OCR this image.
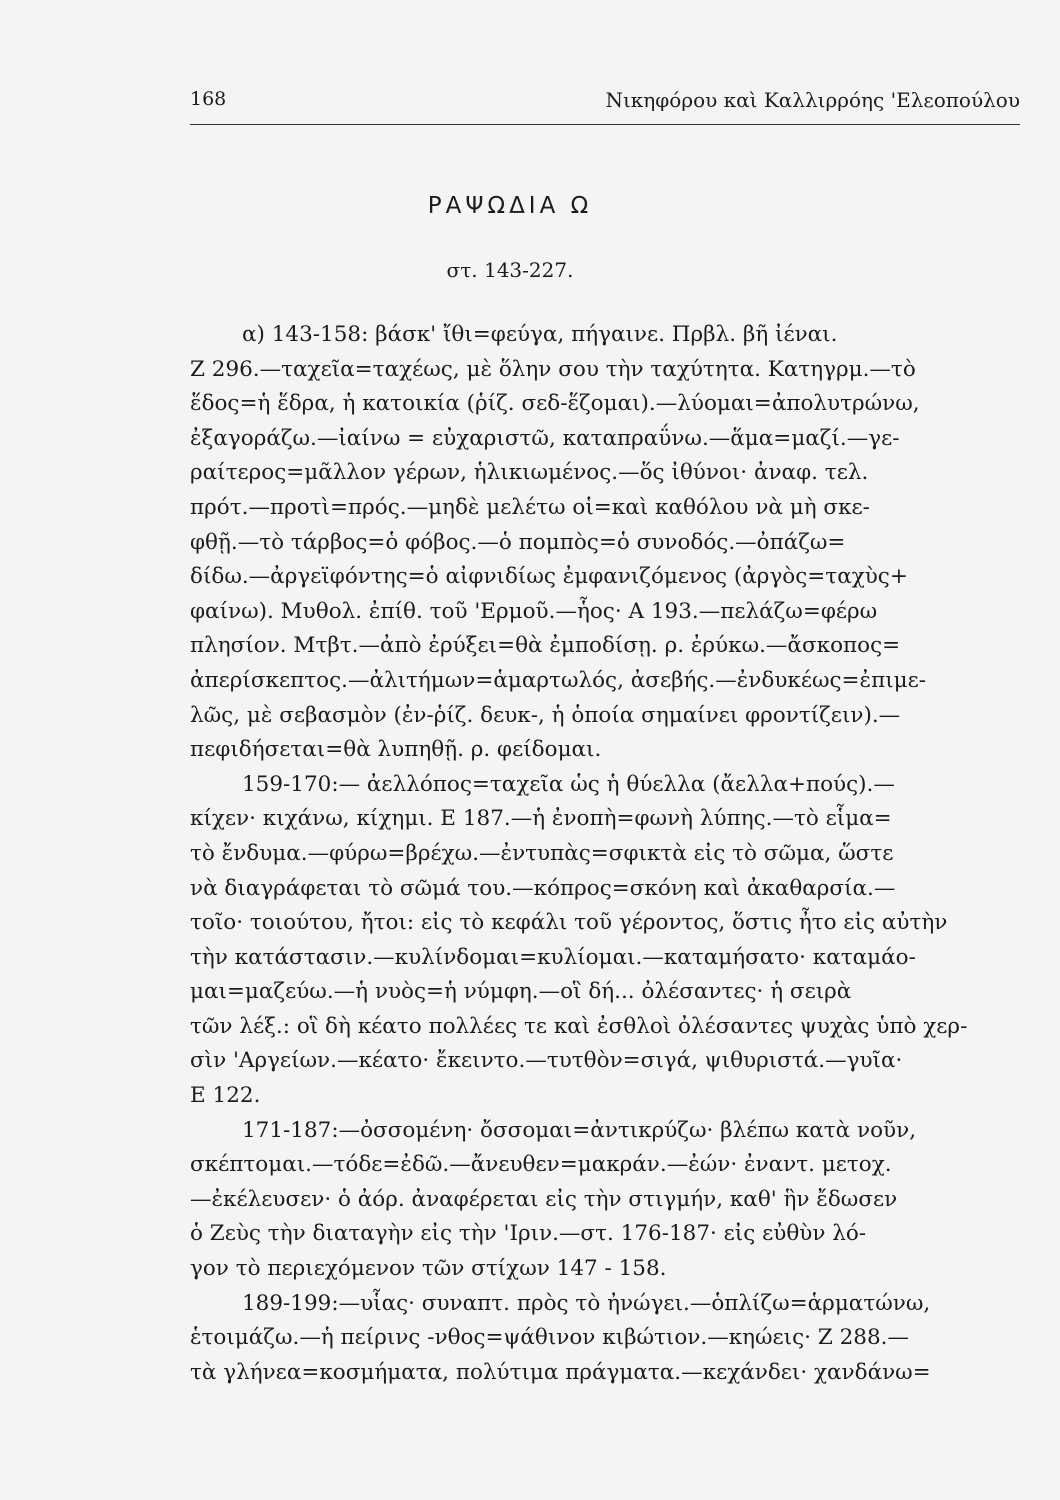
168	Νικηφόρου καὶ Καλλιρρόης 'Ελεοπούλου
ΡΑΨΩΔΙΑ Ω
στ. 143-227.
α) 143-158: βάσκ' ἴθι=φεύγα, πήγαινε. Πρβλ. βῆ ἰέναι.
Ζ 296.—ταχεῖα=ταχέως, μὲ ὅλην σου τὴν ταχύτητα. Κατηγρμ.—τὸ
ἕδος=ἡ ἕδρα, ἡ κατοικία (ῥίζ. σεδ-ἕζομαι).—λύομαι=ἀπολυτρώνω,
ἐξαγοράζω.—ἰαίνω = εὐχαριστῶ, καταπραΰνω.—ἅμα=μαζί.—γε-
ραίτερος=μᾶλλον γέρων, ἡλικιωμένος.—ὅς ἰθύνοι· ἀναφ. τελ.
πρότ.—προτὶ=πρός.—μηδὲ μελέτω οἱ=καὶ καθόλου νὰ μὴ σκε-
φθῇ.—τὸ τάρβος=ὁ φόβος.—ὁ πομπὸς=ὁ συνοδός.—ὀπάζω=
δίδω.—ἀργεϊφόντης=ὁ αἰφνιδίως ἐμφανιζόμενος (ἀργὸς=ταχὺς+
φαίνω). Μυθολ. ἐπίθ. τοῦ 'Ερμοῦ.—ἧος· Α 193.—πελάζω=φέρω
πλησίον. Μτβτ.—ἀπὸ ἐρύξει=θὰ ἐμποδίσῃ. ρ. ἐρύκω.—ἄσκοπος=
ἀπερίσκεπτος.—ἀλιτήμων=ἁμαρτωλός, ἀσεβής.—ἐνδυκέως=ἐπιμε-
λῶς, μὲ σεβασμὸν (ἐν-ῥίζ. δευκ-, ἡ ὁποία σημαίνει φροντίζειν).—
πεφιδήσεται=θὰ λυπηθῇ. ρ. φείδομαι.
159-170:— ἀελλόπος=ταχεῖα ὡς ἡ θύελλα (ἄελλα+πούς).—
κίχεν· κιχάνω, κίχημι. Ε 187.—ἡ ἐνοπὴ=φωνὴ λύπης.—τὸ εἷμα=
τὸ ἔνδυμα.—φύρω=βρέχω.—ἐντυπὰς=σφικτὰ εἰς τὸ σῶμα, ὥστε
νὰ διαγράφεται τὸ σῶμά του.—κόπρος=σκόνη καὶ ἀκαθαρσία.—
τοῖο· τοιούτου, ἤτοι: εἰς τὸ κεφάλι τοῦ γέροντος, ὅστις ἦτο εἰς αὐτὴν
τὴν κατάστασιν.—κυλίνδομαι=κυλίομαι.—καταμήσατο· καταμάο-
μαι=μαζεύω.—ἡ νυὸς=ἡ νύμφη.—οἳ δή... ὀλέσαντες· ἡ σειρὰ
τῶν λέξ.: οἳ δὴ κέατο πολλέες τε καὶ ἐσθλοὶ ὀλέσαντες ψυχὰς ὑπὸ χερ-
σὶν 'Αργείων.—κέατο· ἔκειντο.—τυτθὸν=σιγά, ψιθυριστά.—γυῖα·
Ε 122.
171-187:—ὀσσομένη· ὄσσομαι=ἀντικρύζω· βλέπω κατὰ νοῦν,
σκέπτομαι.—τόδε=ἐδῶ.—ἄνευθεν=μακράν.—ἐών· ἐναντ. μετοχ.
—ἐκέλευσεν· ὁ ἀόρ. ἀναφέρεται εἰς τὴν στιγμήν, καθ' ἣν ἔδωσεν
ὁ Ζεὺς τὴν διαταγὴν εἰς τὴν 'Ιριν.—στ. 176-187· εἰς εὐθὺν λό-
γον τὸ περιεχόμενον τῶν στίχων 147 - 158.
189-199:—υἷας· συναπτ. πρὸς τὸ ἠνώγει.—ὁπλίζω=ἁρματώνω,
ἑτοιμάζω.—ἡ πείρινς -νθος=ψάθινον κιβώτιον.—κηώεις· Ζ 288.—
τὰ γλήνεα=κοσμήματα, πολύτιμα πράγματα.—κεχάνδει· χανδάνω=
